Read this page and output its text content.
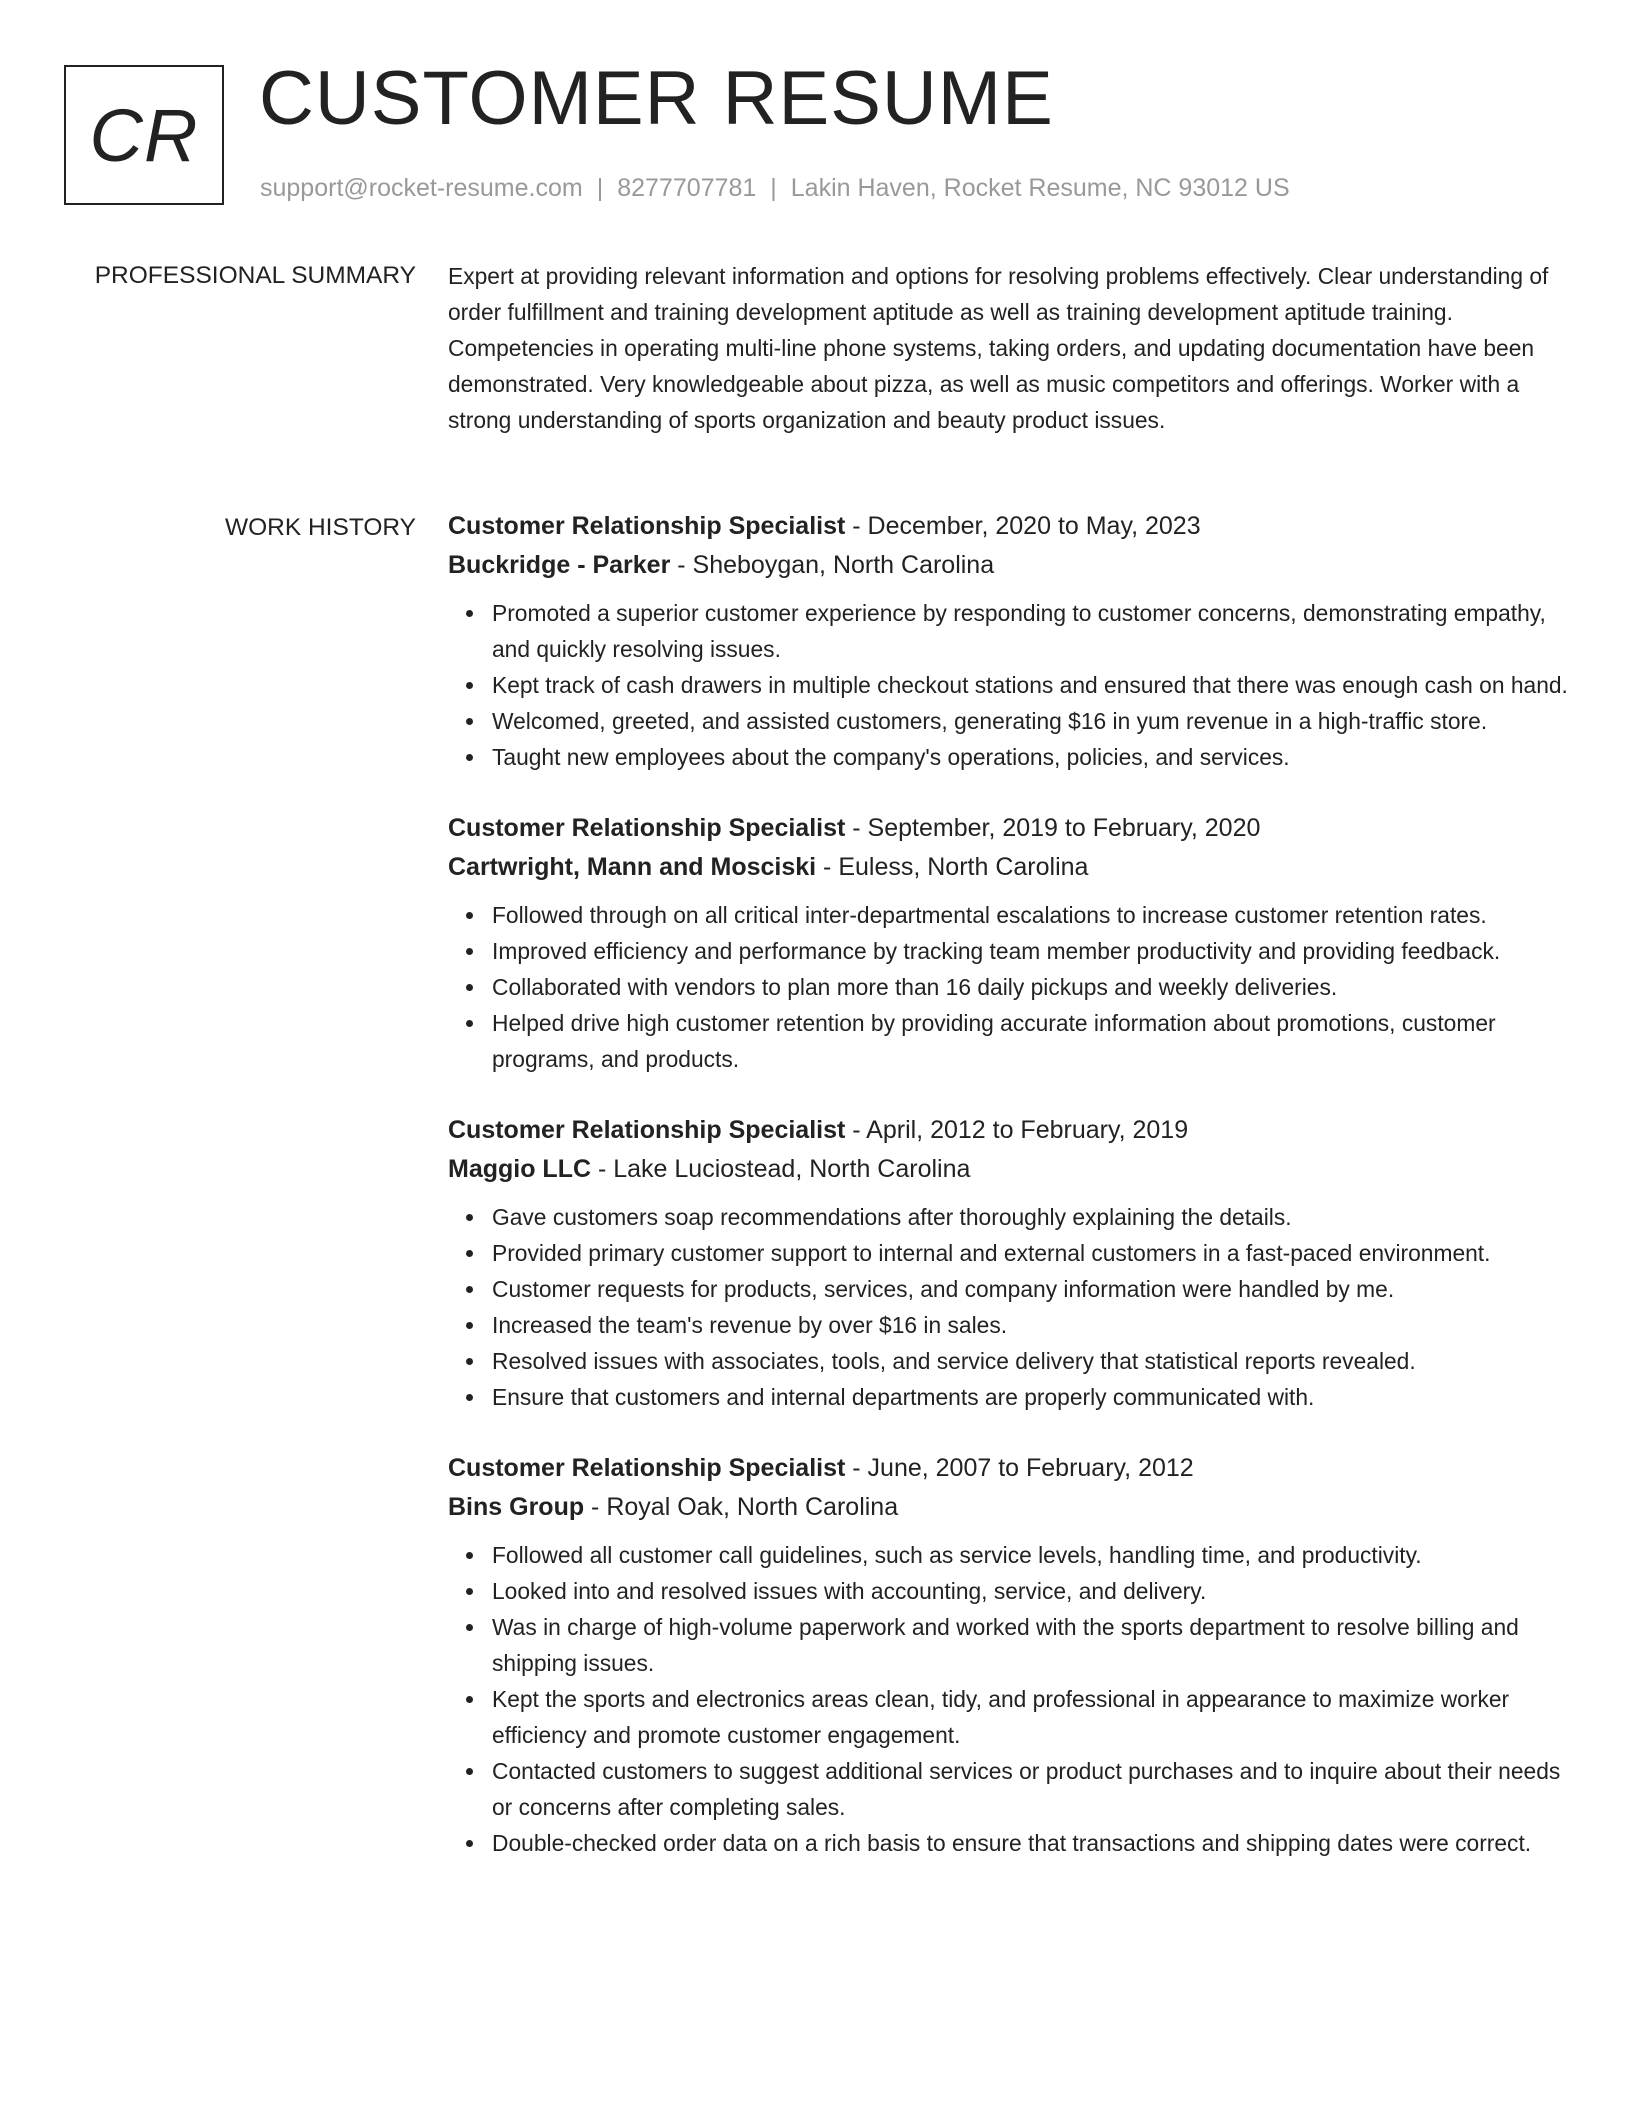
CR CUSTOMER RESUME
support@rocket-resume.com | 8277707781 | Lakin Haven, Rocket Resume, NC 93012 US
PROFESSIONAL SUMMARY Expert at providing relevant information and options for resolving problems effectively. Clear understanding of order fulfillment and training development aptitude as well as training development aptitude training. Competencies in operating multi-line phone systems, taking orders, and updating documentation have been demonstrated. Very knowledgeable about pizza, as well as music competitors and offerings. Worker with a strong understanding of sports organization and beauty product issues.

WORK HISTORY Customer Relationship Specialist - December, 2020 to May, 2023
Buckridge - Parker - Sheboygan, North Carolina
Promoted a superior customer experience by responding to customer concerns, demonstrating empathy, and quickly resolving issues.
Kept track of cash drawers in multiple checkout stations and ensured that there was enough cash on hand.
Welcomed, greeted, and assisted customers, generating $16 in yum revenue in a high-traffic store.
Taught new employees about the company's operations, policies, and services.
Customer Relationship Specialist - September, 2019 to February, 2020
Cartwright, Mann and Mosciski - Euless, North Carolina
Followed through on all critical inter-departmental escalations to increase customer retention rates.
Improved efficiency and performance by tracking team member productivity and providing feedback.
Collaborated with vendors to plan more than 16 daily pickups and weekly deliveries.
Helped drive high customer retention by providing accurate information about promotions, customer programs, and products.
Customer Relationship Specialist - April, 2012 to February, 2019
Maggio LLC - Lake Luciostead, North Carolina
Gave customers soap recommendations after thoroughly explaining the details.
Provided primary customer support to internal and external customers in a fast-paced environment.
Customer requests for products, services, and company information were handled by me.
Increased the team's revenue by over $16 in sales.
Resolved issues with associates, tools, and service delivery that statistical reports revealed.
Ensure that customers and internal departments are properly communicated with.
Customer Relationship Specialist - June, 2007 to February, 2012
Bins Group - Royal Oak, North Carolina
Followed all customer call guidelines, such as service levels, handling time, and productivity.
Looked into and resolved issues with accounting, service, and delivery.
Was in charge of high-volume paperwork and worked with the sports department to resolve billing and shipping issues.
Kept the sports and electronics areas clean, tidy, and professional in appearance to maximize worker efficiency and promote customer engagement.
Contacted customers to suggest additional services or product purchases and to inquire about their needs or concerns after completing sales.
Double-checked order data on a rich basis to ensure that transactions and shipping dates were correct.
